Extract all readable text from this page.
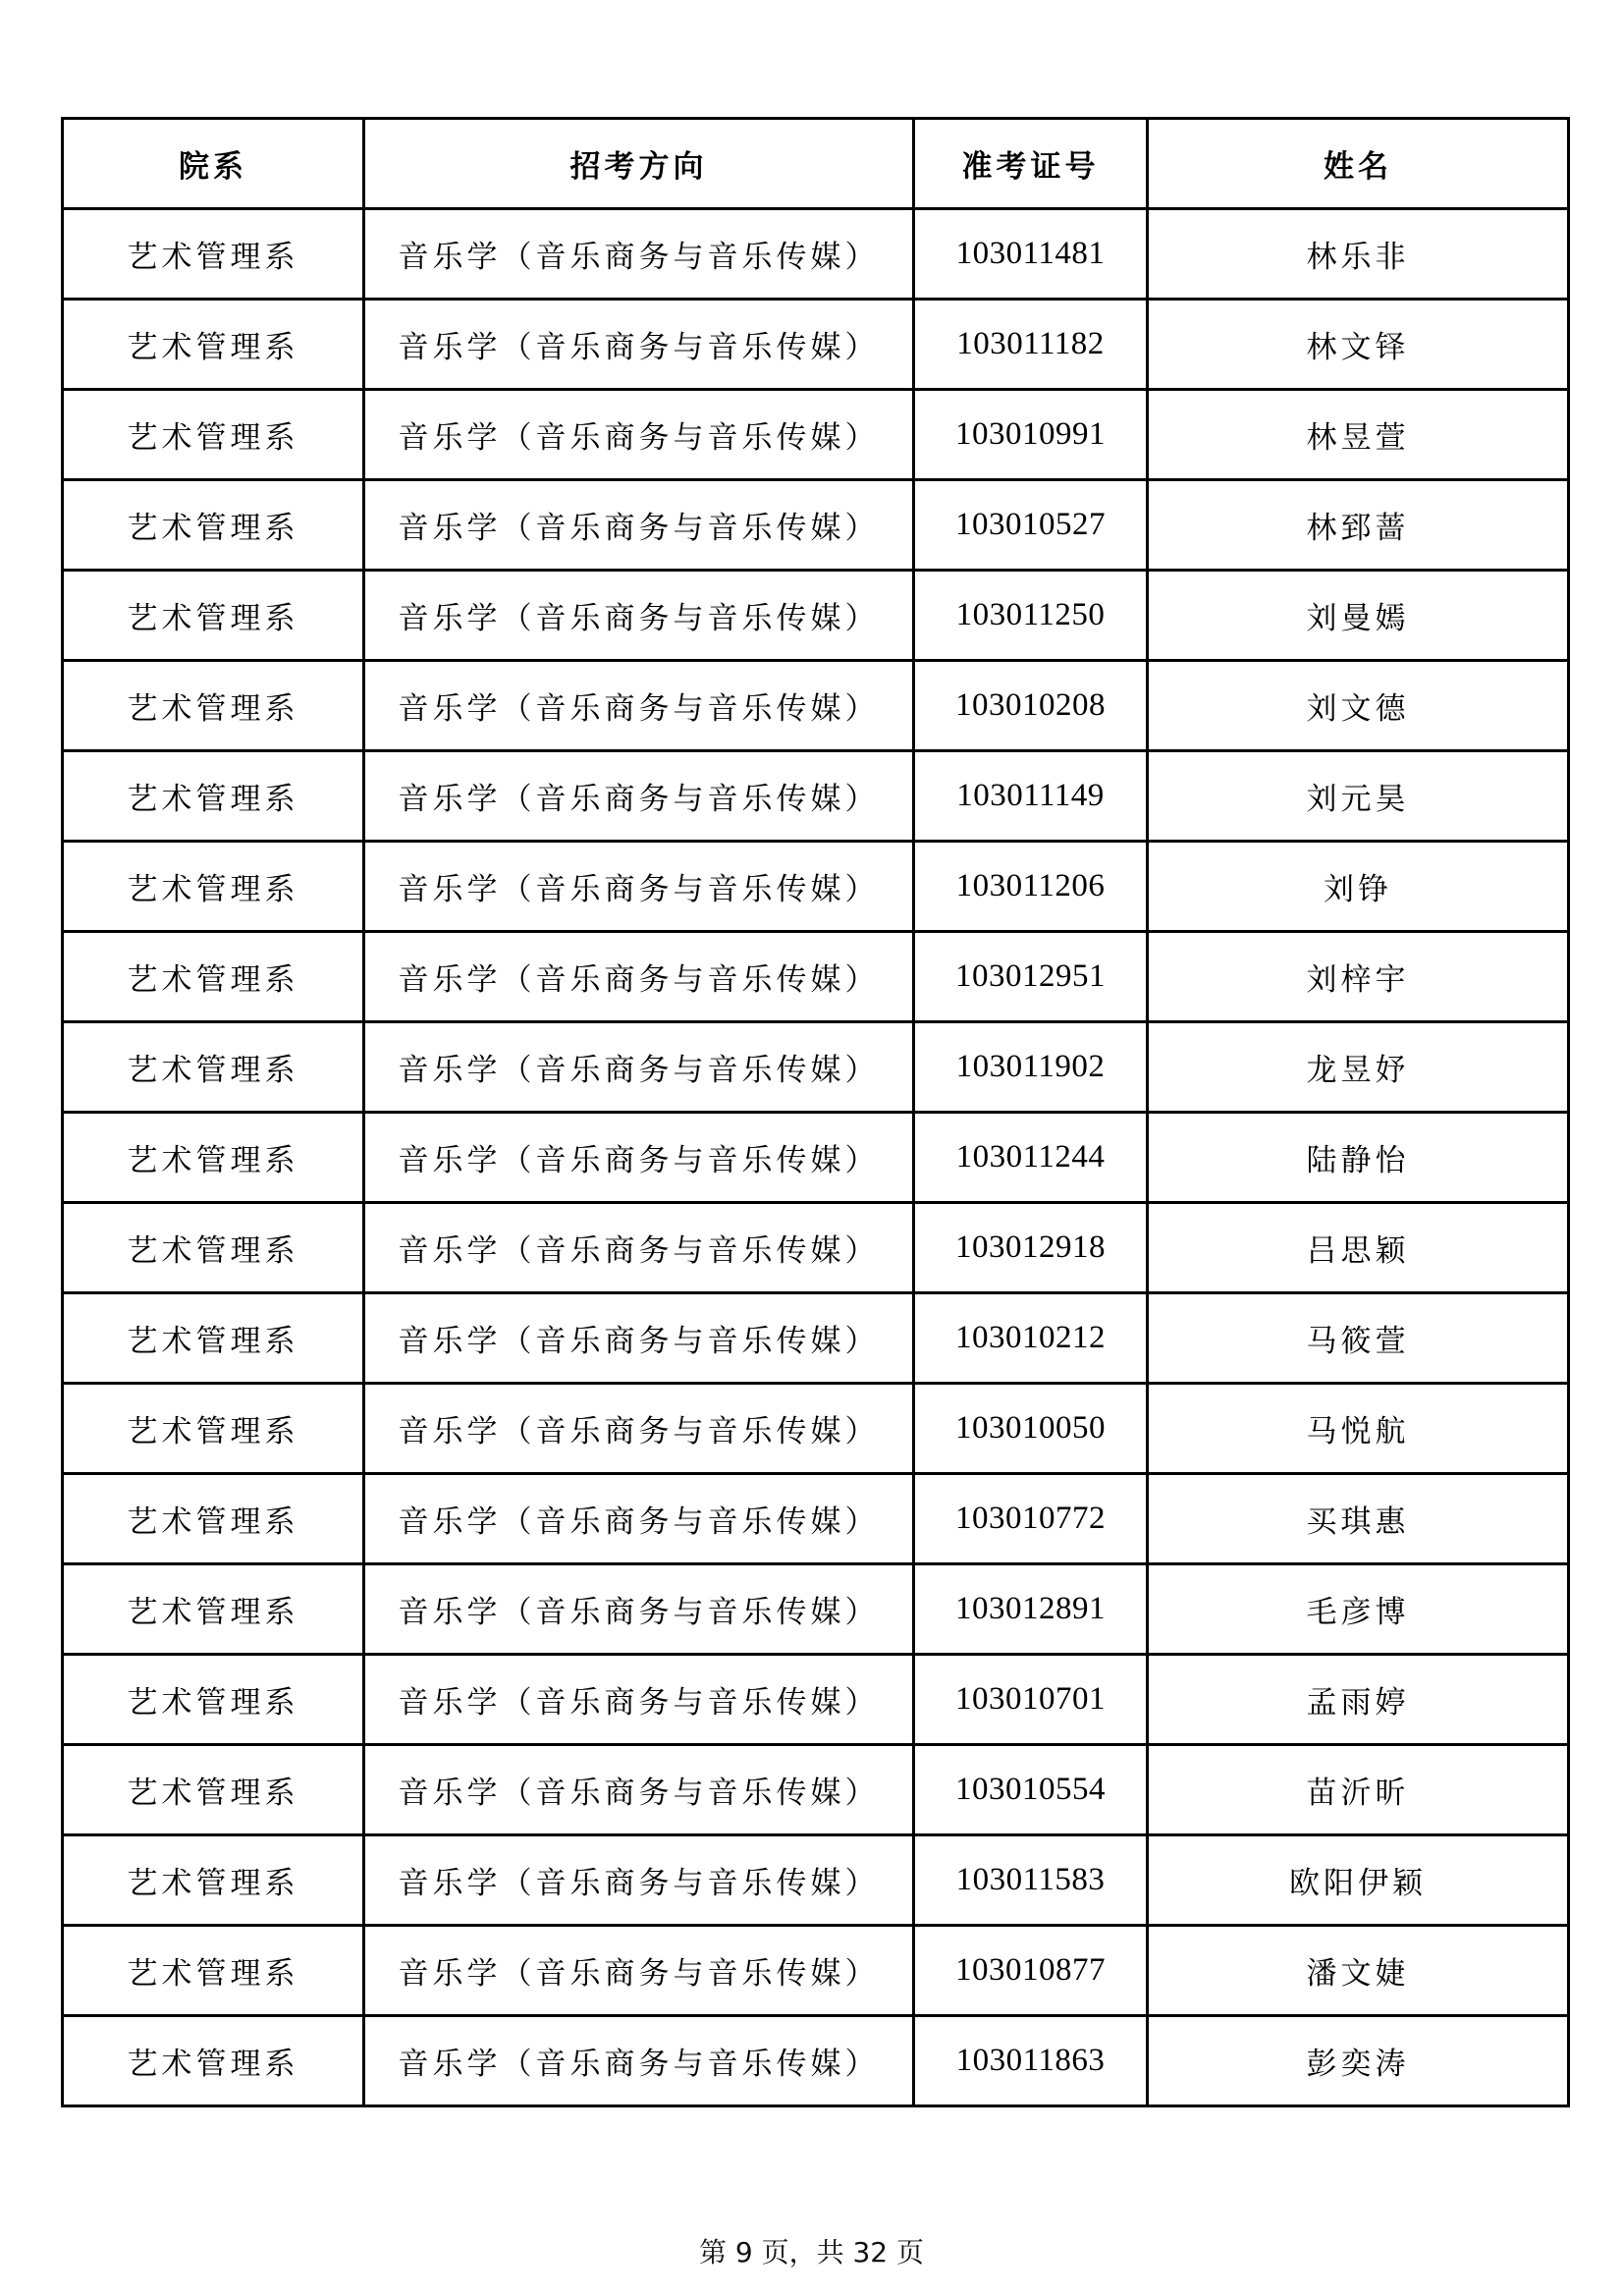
院系	招考方向	准考证号	姓名
艺术管理系	音乐学（音乐商务与音乐传媒）	103011481	林乐非
艺术管理系	音乐学（音乐商务与音乐传媒）	103011182	林文铎
艺术管理系	音乐学（音乐商务与音乐传媒）	103010991	林昱萱
艺术管理系	音乐学（音乐商务与音乐传媒）	103010527	林郅蔷
艺术管理系	音乐学（音乐商务与音乐传媒）	103011250	刘曼嫣
艺术管理系	音乐学（音乐商务与音乐传媒）	103010208	刘文德
艺术管理系	音乐学（音乐商务与音乐传媒）	103011149	刘元昊
艺术管理系	音乐学（音乐商务与音乐传媒）	103011206	刘铮
艺术管理系	音乐学（音乐商务与音乐传媒）	103012951	刘梓宇
艺术管理系	音乐学（音乐商务与音乐传媒）	103011902	龙昱妤
艺术管理系	音乐学（音乐商务与音乐传媒）	103011244	陆静怡
艺术管理系	音乐学（音乐商务与音乐传媒）	103012918	吕思颖
艺术管理系	音乐学（音乐商务与音乐传媒）	103010212	马筱萱
艺术管理系	音乐学（音乐商务与音乐传媒）	103010050	马悦航
艺术管理系	音乐学（音乐商务与音乐传媒）	103010772	买琪惠
艺术管理系	音乐学（音乐商务与音乐传媒）	103012891	毛彦博
艺术管理系	音乐学（音乐商务与音乐传媒）	103010701	孟雨婷
艺术管理系	音乐学（音乐商务与音乐传媒）	103010554	苗沂昕
艺术管理系	音乐学（音乐商务与音乐传媒）	103011583	欧阳伊颖
艺术管理系	音乐学（音乐商务与音乐传媒）	103010877	潘文婕
艺术管理系	音乐学（音乐商务与音乐传媒）	103011863	彭奕涛
第 9 页，共 32 页
